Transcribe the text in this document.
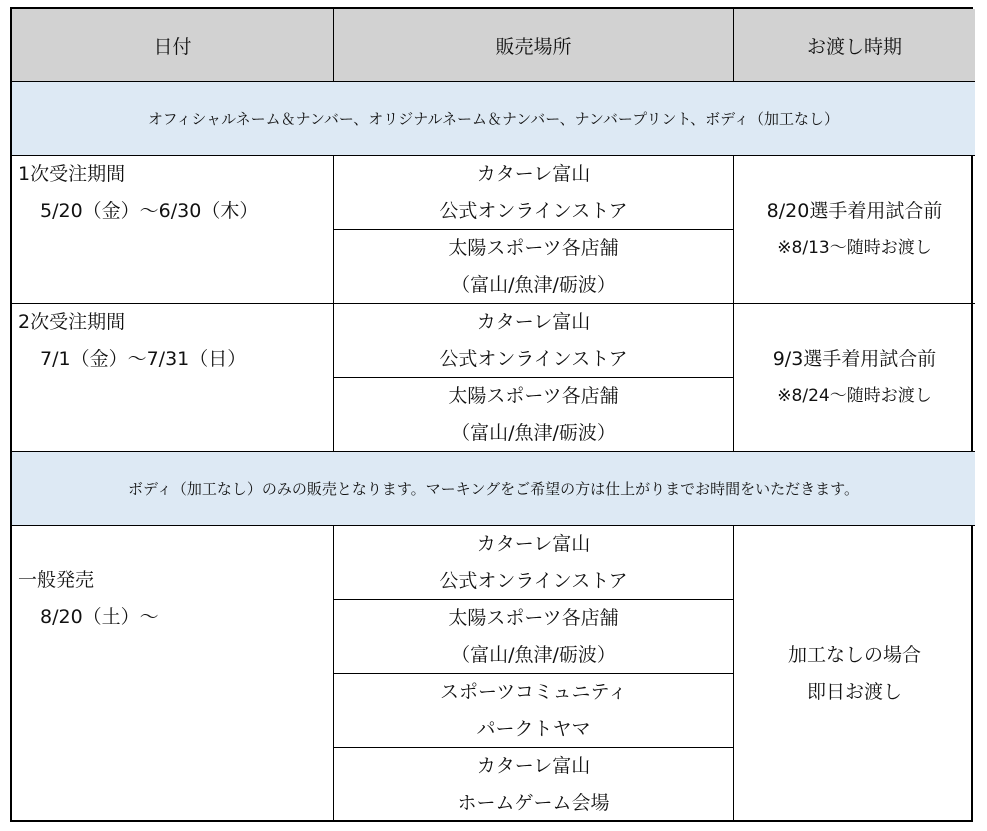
日付	販売場所	お渡し時期
オフィシャルネーム＆ナンバー、オリジナルネーム＆ナンバー、ナンバープリント、ボディ（加工なし）
1次受注期間
5/20（金）～6/30（木）
カターレ富山
公式オンラインストア
太陽スポーツ各店舗
（富山/魚津/砺波）
8/20選手着用試合前
※8/13～随時お渡し
2次受注期間
7/1（金）～7/31（日）
カターレ富山
公式オンラインストア
太陽スポーツ各店舗
（富山/魚津/砺波）
9/3選手着用試合前
※8/24～随時お渡し
ボディ（加工なし）のみの販売となります。マーキングをご希望の方は仕上がりまでお時間をいただきます。
一般発売
8/20（土）～
カターレ富山
公式オンラインストア
太陽スポーツ各店舗
（富山/魚津/砺波）
スポーツコミュニティ
パークトヤマ
カターレ富山
ホームゲーム会場
加工なしの場合
即日お渡し
